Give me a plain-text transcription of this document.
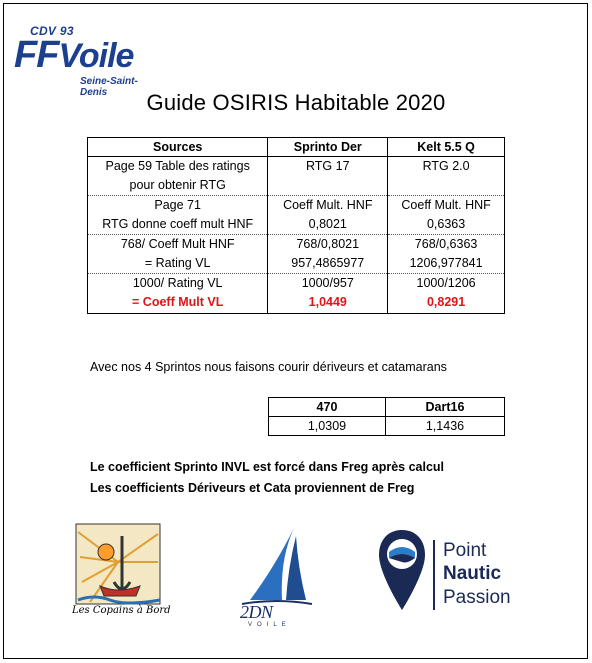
CDV 93
FFVoile
Seine-Saint-Denis	Guide OSIRIS Habitable 2020
Sources	Sprinto Der	Kelt 5.5 Q
Page 59 Table des ratings	RTG 17	RTG 2.0
pour obtenir RTG		
Page 71	Coeff Mult. HNF	Coeff Mult. HNF
RTG donne coeff mult HNF	0,8021	0,6363
768/ Coeff Mult HNF	768/0,8021	768/0,6363
= Rating VL	957,4865977	1206,977841
1000/ Rating VL	1000/957	1000/1206
= Coeff Mult VL	1,0449	0,8291
Avec nos 4 Sprintos nous faisons courir dériveurs et catamarans
470	Dart16
1,0309	1,1436
Le coefficient Sprinto INVL est forcé dans Freg après calcul
Les coefficients Dériveurs et Cata proviennent de Freg
Les Copains à Bord	2DN
VOILE
Point
Nautic
Passion
